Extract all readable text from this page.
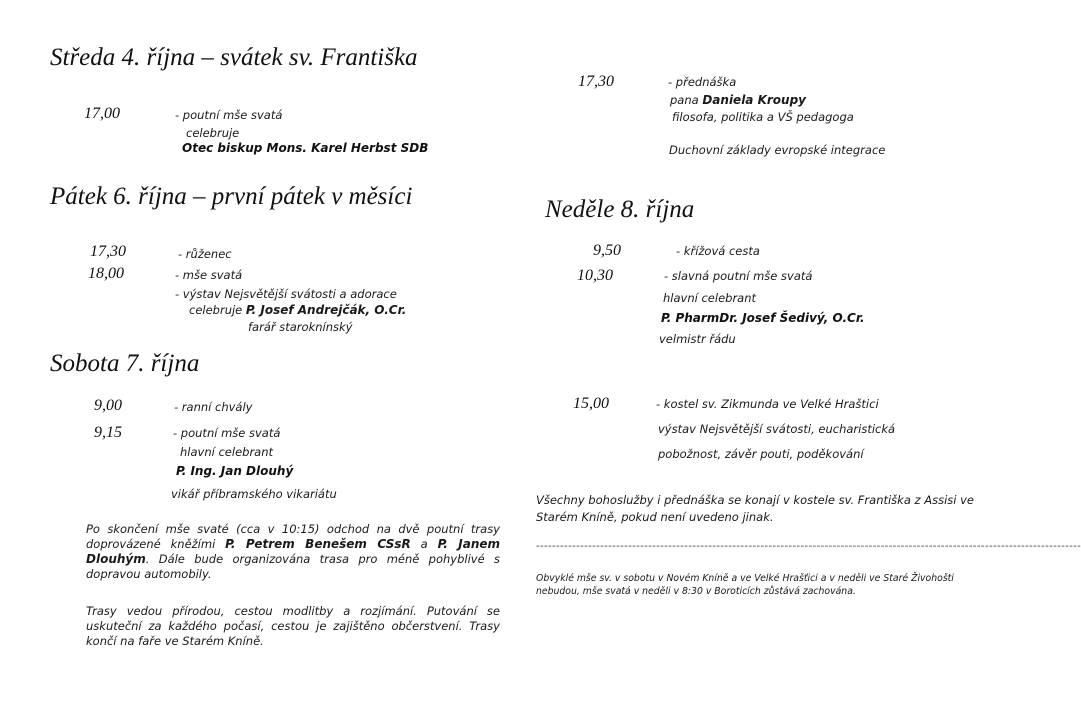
Středa 4. října – svátek sv. Františka
17,00	- poutní mše svatá
celebruje
Otec biskup Mons. Karel Herbst SDB
Pátek 6. října – první pátek v měsíci
17,30	- růženec
18,00	- mše svatá
- výstav Nejsvětější svátosti a adorace
celebruje P. Josef Andrejčák, O.Cr.
farář staroknínský
Sobota 7. října
9,00	- ranní chvály
9,15	- poutní mše svatá
hlavní celebrant
P. Ing. Jan Dlouhý
vikář příbramského vikariátu
Po skončení mše svaté (cca v 10:15) odchod na dvě poutní trasy doprovázené kněžími P. Petrem Benešem CSsR a P. Janem Dlouhým. Dále bude organizována trasa pro méně pohyblivé s dopravou automobily.
Trasy vedou přírodou, cestou modlitby a rozjímání. Putování se uskuteční za každého počasí, cestou je zajištěno občerstvení. Trasy končí na faře ve Starém Kníně.
17,30	- přednáška
pana Daniela Kroupy
filosofa, politika a VŠ pedagoga
Duchovní základy evropské integrace
Neděle 8. října
9,50	- křížová cesta
10,30	- slavná poutní mše svatá
hlavní celebrant
P. PharmDr. Josef Šedivý, O.Cr.
velmistr řádu
15,00	- kostel sv. Zikmunda ve Velké Hraštici
výstav Nejsvětější svátosti, eucharistická
pobožnost, závěr pouti, poděkování
Všechny bohoslužby i přednáška se konají v kostele sv. Františka z Assisi ve Starém Kníně, pokud není uvedeno jinak.
----------------------------------------------------------------------------------------------------------------------------------------
Obvyklé mše sv. v sobotu v Novém Kníně a ve Velké Hrašťici a v neděli ve Staré Živohošti nebudou, mše svatá v neděli v 8:30 v Boroticích zůstává zachována.
